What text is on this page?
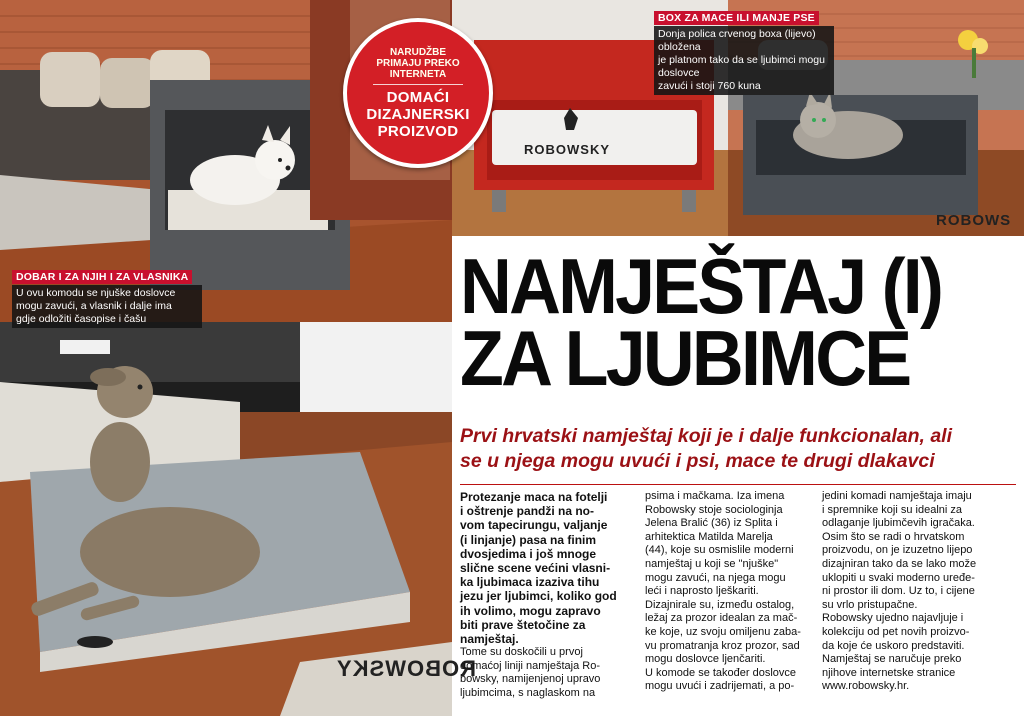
ROBOWSKY
ROBOWS
ROBOWSKY
BOX ZA MACE ILI MANJE PSE
Donja polica crvenog boxa (lijevo) obložena
je platnom tako da se ljubimci mogu doslovce
zavući i stoji 760 kuna
DOBAR I ZA NJIH I ZA VLASNIKA
U ovu komodu se njuške doslovce
mogu zavući, a vlasnik i dalje ima
gdje odložiti časopise i čašu
NARUDŽBE
PRIMAJU PREKO
INTERNETA
DOMAĆI
DIZAJNERSKI
PROIZVOD
NAMJEŠTAJ (I)
ZA LJUBIMCE
Prvi hrvatski namještaj koji je i dalje funkcionalan, ali
se u njega mogu uvući i psi, mace te drugi dlakavci
Protezanje maca na fotelji
i oštrenje pandži na no-
vom tapecirungu, valjanje
(i linjanje) pasa na finim
dvosjedima i još mnoge
slične scene većini vlasni-
ka ljubimaca izaziva tihu
jezu jer ljubimci, koliko god
ih volimo, mogu zapravo
biti prave štetočine za
namještaj.
Tome su doskočili u prvoj
domaćoj liniji namještaja Ro-
bowsky, namijenjenoj upravo
ljubimcima, s naglaskom na
psima i mačkama. Iza imena
Robowsky stoje sociologinja
Jelena Bralić (36) iz Splita i
arhitektica Matilda Marelja
(44), koje su osmislile moderni
namještaj u koji se "njuške"
mogu zavući, na njega mogu
leći i naprosto lješkariti.
Dizajnirale su, između ostalog,
ležaj za prozor idealan za mač-
ke koje, uz svoju omiljenu zaba-
vu promatranja kroz prozor, sad
mogu doslovce ljenčariti.
U komode se također doslovce
mogu uvući i zadrijemati, a po-
jedini komadi namještaja imaju
i spremnike koji su idealni za
odlaganje ljubimčevih igračaka.
Osim što se radi o hrvatskom
proizvodu, on je izuzetno lijepo
dizajniran tako da se lako može
uklopiti u svaki moderno uređe-
ni prostor ili dom. Uz to, i cijene
su vrlo pristupačne.
Robowsky ujedno najavljuje i
kolekciju od pet novih proizvo-
da koje će uskoro predstaviti.
Namještaj se naručuje preko
njihove internetske stranice
www.robowsky.hr.
